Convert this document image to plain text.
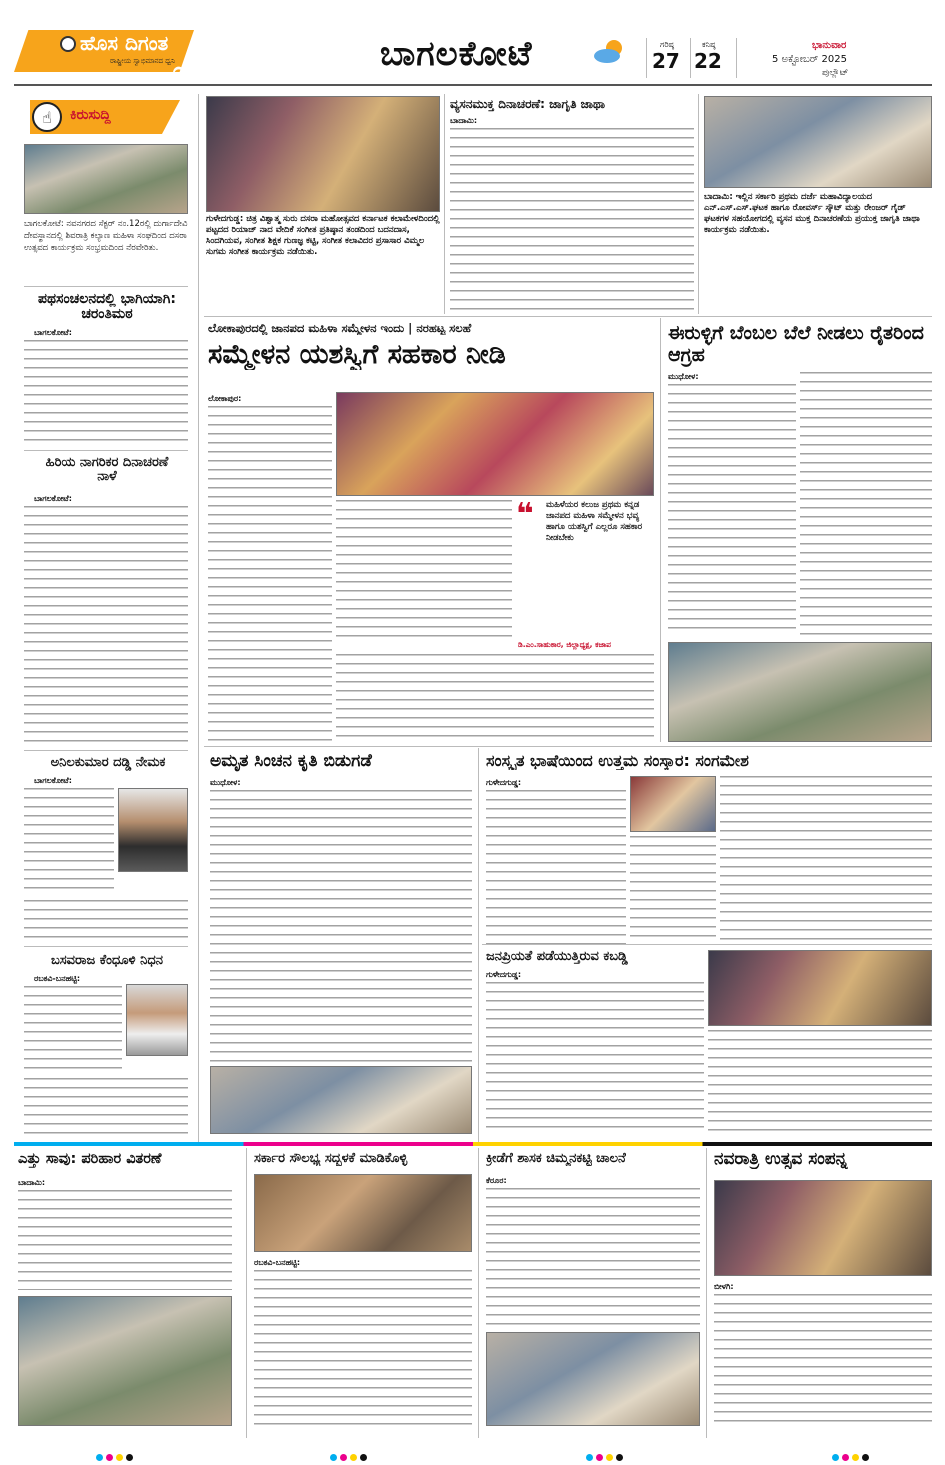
ಹೊಸ ದಿಗಂತ
ರಾಷ್ಟ್ರೀಯ ಸ್ವಾಭಿಮಾನದ ಧ್ವನಿ
೦೧	ಬಾಗಲಕೋಟೆ	ಗರಿಷ್ಠ
27
ಕನಿಷ್ಠ
22
ಭಾನುವಾರ
5 ಅಕ್ಟೋಬರ್ 2025
ಪುಲ್ಲೌಟ್
☝	ಕಿರುಸುದ್ದಿ
ಬಾಗಲಕೋಟೆ: ನವನಗರದ ಸೆಕ್ಟರ್ ನಂ.12ರಲ್ಲಿ ದುರ್ಗಾದೇವಿ ದೇವಸ್ಥಾನದಲ್ಲಿ ಶಿವರಾತ್ರಿ ಕಲ್ಯಾಣ ಮಹಿಳಾ ಸಂಘದಿಂದ ದಸರಾ ಉತ್ಸವದ ಕಾರ್ಯಕ್ರಮ ಸಂಭ್ರಮದಿಂದ ನೆರವೇರಿತು.
ಪಥಸಂಚಲನದಲ್ಲಿ ಭಾಗಿಯಾಗಿ: ಚರಂತಿಮಠ
ಬಾಗಲಕೋಟೆ:
ಹಿರಿಯ ನಾಗರಿಕರ ದಿನಾಚರಣೆ ನಾಳೆ
ಬಾಗಲಕೋಟೆ:
ಅನಿಲಕುಮಾರ ದಡ್ಡಿ ನೇಮಕ
ಬಾಗಲಕೋಟೆ:
ಬಸವರಾಜ ಕೆಂಧೂಳಿ ನಿಧನ
ರಬಕವಿ-ಬನಹಟ್ಟಿ:
ಗುಳೇದಗುಡ್ಡ: ಚಿತ್ರ ವಿಶ್ವಾತ್ಮ ಸುರು ದಸರಾ ಮಹೋತ್ಸವದ ಕರ್ನಾಟಕ ಕಲಾಮೇಳದಿಂದಲ್ಲಿ ಪಟ್ಟದದ ರಿಯಾಜ್ ನಾದ ವೇದಿಕೆ ಸಂಗೀತ ಪ್ರತಿಷ್ಠಾನ ತಂಡದಿಂದ ಬದನದಾಸ, ಸಿಂದಗಿಯವ, ಸಂಗೀತ ಶಿಕ್ಷಕ ಗುಣಜ್ಞ ಕಟ್ಟಿ, ಸಂಗೀತ ಕಲಾವಿದರ ಪ್ರಸಾಸಾರ ವಿಮ್ಮಲ ಸುಗಮ ಸಂಗೀತ ಕಾರ್ಯಕ್ರಮ ನಡೆಯಿತು.
ವ್ಯಸನಮುಕ್ತ ದಿನಾಚರಣೆ: ಜಾಗೃತಿ ಜಾಥಾ
ಬಾದಾಮಿ:
ಬಾದಾಮಿ: ಇಲ್ಲಿನ ಸರ್ಕಾರಿ ಪ್ರಥಮ ದರ್ಜೆ ಮಹಾವಿದ್ಯಾಲಯದ ಎನ್.ಎಸ್.ಎಸ್.ಘಟಕ ಹಾಗೂ ರೋವರ್ಸ್ ಸ್ಕೌಟ್ ಮತ್ತು ರೇಂಜರ್ ಗೈಡ್ ಘಟಕಗಳ ಸಹಯೋಗದಲ್ಲಿ ವ್ಯಸನ ಮುಕ್ತ ದಿನಾಚರಣೆಯ ಪ್ರಯುಕ್ತ ಜಾಗೃತಿ ಜಾಥಾ ಕಾರ್ಯಕ್ರಮ ನಡೆಯಿತು.
ಲೋಕಾಪುರದಲ್ಲಿ ಜಾನಪದ ಮಹಿಳಾ ಸಮ್ಮೇಳನ ಇಂದು | ನರಹಟ್ಟ ಸಲಹೆ
ಸಮ್ಮೇಳನ ಯಶಸ್ವಿಗೆ ಸಹಕಾರ ನೀಡಿ
ಲೋಕಾಪುರ:
❝	ಮಹಿಳೆಯರ ಕಲುಜ ಪ್ರಥಮ ಕನ್ನಡ ಜಾನಪದ ಮಹಿಳಾ ಸಮ್ಮೇಳನ ಭವ್ಯ ಹಾಗೂ ಯಶಸ್ವಿಗೆ ಎಲ್ಲರೂ ಸಹಕಾರ ನೀಡಬೇಕು
ಡಿ.ಎಂ.ಸಾಹುಕಾರ, ಜಿಲ್ಲಾಧ್ಯಕ್ಷ, ಕಜಾಪ
ಈರುಳ್ಳಿಗೆ ಬೆಂಬಲ ಬೆಲೆ ನೀಡಲು ರೈತರಿಂದ ಆಗ್ರಹ
ಮುಧೋಳ:
ಅಮೃತ ಸಿಂಚನ ಕೃತಿ ಬಿಡುಗಡೆ
ಮುಧೋಳ:
ಸಂಸ್ಕೃತ ಭಾಷೆಯಿಂದ ಉತ್ತಮ ಸಂಸ್ಕಾರ: ಸಂಗಮೇಶ
ಗುಳೇದಗುಡ್ಡ:
ಜನಪ್ರಿಯತೆ ಪಡೆಯುತ್ತಿರುವ ಕಬಡ್ಡಿ
ಗುಳೇದಗುಡ್ಡ:
ಎತ್ತು ಸಾವು: ಪರಿಹಾರ ವಿತರಣೆ
ಬಾದಾಮಿ:
ಸರ್ಕಾರ ಸೌಲಭ್ಯ ಸದ್ಬಳಕೆ ಮಾಡಿಕೊಳ್ಳಿ
ರಬಕವಿ-ಬನಹಟ್ಟಿ:
ಕ್ರೀಡೆಗೆ ಶಾಸಕ ಚಿಮ್ಮನಕಟ್ಟಿ ಚಾಲನೆ
ಕೆರೂರ:
ನವರಾತ್ರಿ ಉತ್ಸವ ಸಂಪನ್ನ
ಬೀಳಗಿ:
